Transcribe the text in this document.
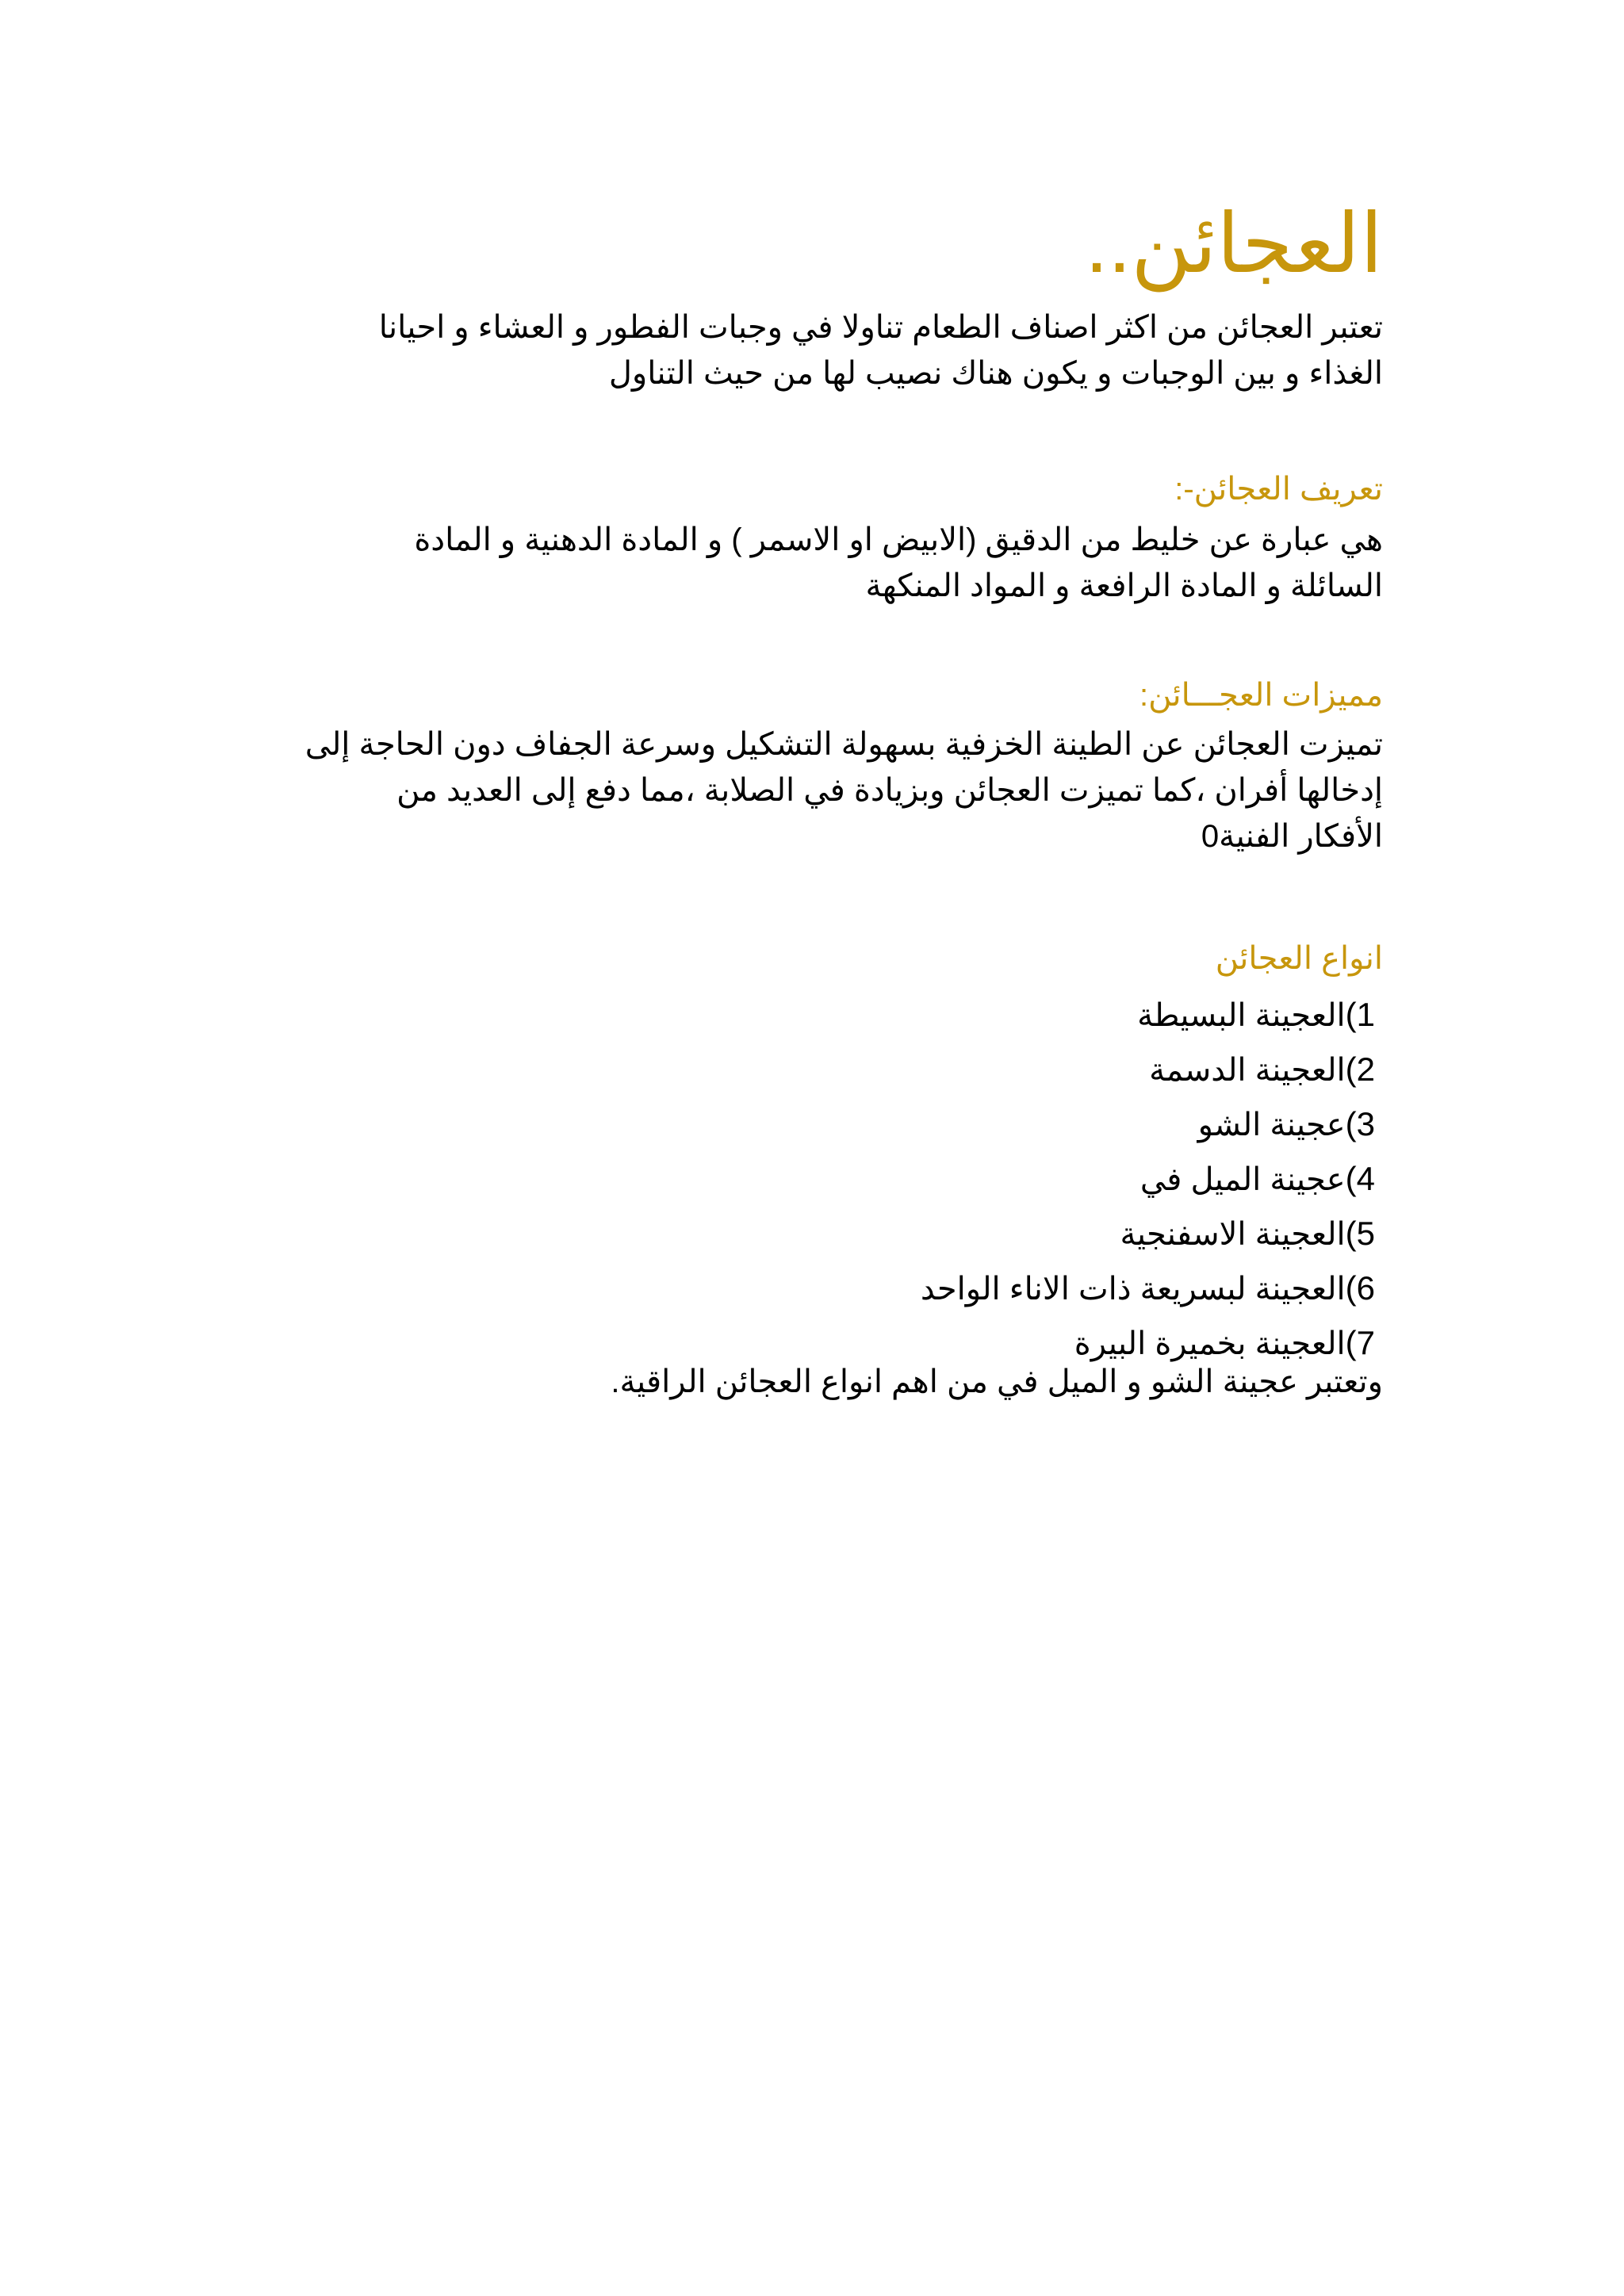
العجائن..
تعتبر العجائن من اكثر اصناف الطعام تناولا في وجبات الفطور و العشاء و احيانا
الغذاء و بين الوجبات و يكون هناك نصيب لها من حيث التناول
تعريف العجائن-:
هي عبارة عن خليط من الدقيق (الابيض او الاسمر ) و المادة الدهنية و المادة
السائلة و المادة الرافعة و المواد المنكهة
مميزات العجـــائن:
تميزت العجائن عن الطينة الخزفية بسهولة التشكيل وسرعة الجفاف دون الحاجة إلى
إدخالها أفران ،كما تميزت العجائن وبزيادة في الصلابة ،مما دفع إلى العديد من
الأفكار الفنية0
انواع العجائن
1)العجينة البسيطة
2)العجينة الدسمة
3)عجينة الشو
4)عجينة الميل في
5)العجينة الاسفنجية
6)العجينة لبسريعة ذات الاناء الواحد
7)العجينة بخميرة البيرة
وتعتبر عجينة الشو و الميل في من اهم انواع العجائن الراقية.
